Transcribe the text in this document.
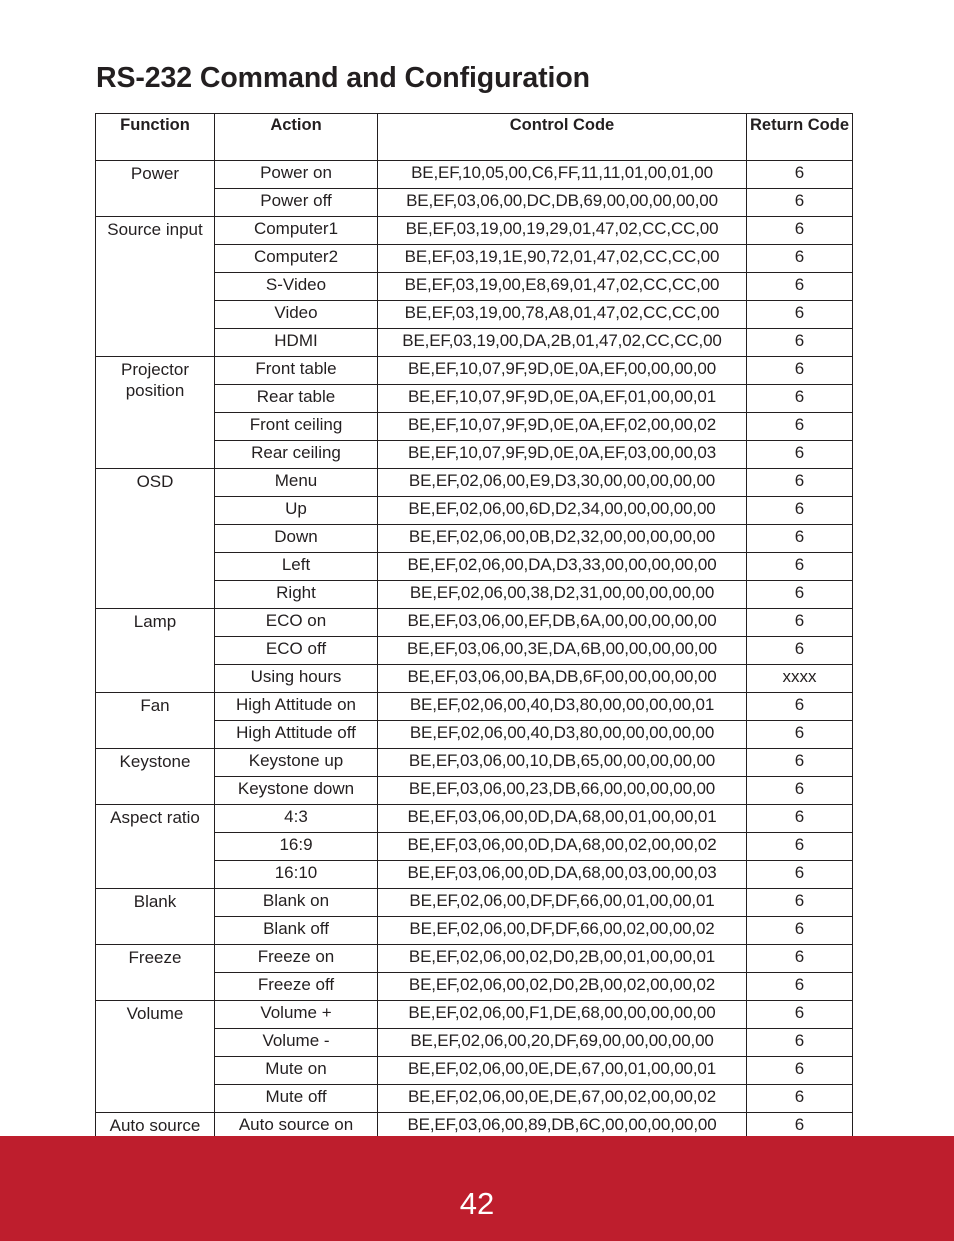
RS-232 Command and Configuration
Function	Action	Control Code	Return Code
Power	Power on	BE,EF,10,05,00,C6,FF,11,11,01,00,01,00	6
	Power off	BE,EF,03,06,00,DC,DB,69,00,00,00,00,00	6
Source input	Computer1	BE,EF,03,19,00,19,29,01,47,02,CC,CC,00	6
	Computer2	BE,EF,03,19,1E,90,72,01,47,02,CC,CC,00	6
	S-Video	BE,EF,03,19,00,E8,69,01,47,02,CC,CC,00	6
	Video	BE,EF,03,19,00,78,A8,01,47,02,CC,CC,00	6
	HDMI	BE,EF,03,19,00,DA,2B,01,47,02,CC,CC,00	6
Projector position	Front table	BE,EF,10,07,9F,9D,0E,0A,EF,00,00,00,00	6
	Rear table	BE,EF,10,07,9F,9D,0E,0A,EF,01,00,00,01	6
	Front ceiling	BE,EF,10,07,9F,9D,0E,0A,EF,02,00,00,02	6
	Rear ceiling	BE,EF,10,07,9F,9D,0E,0A,EF,03,00,00,03	6
OSD	Menu	BE,EF,02,06,00,E9,D3,30,00,00,00,00,00	6
	Up	BE,EF,02,06,00,6D,D2,34,00,00,00,00,00	6
	Down	BE,EF,02,06,00,0B,D2,32,00,00,00,00,00	6
	Left	BE,EF,02,06,00,DA,D3,33,00,00,00,00,00	6
	Right	BE,EF,02,06,00,38,D2,31,00,00,00,00,00	6
Lamp	ECO on	BE,EF,03,06,00,EF,DB,6A,00,00,00,00,00	6
	ECO off	BE,EF,03,06,00,3E,DA,6B,00,00,00,00,00	6
	Using hours	BE,EF,03,06,00,BA,DB,6F,00,00,00,00,00	xxxx
Fan	High Attitude on	BE,EF,02,06,00,40,D3,80,00,00,00,00,01	6
	High Attitude off	BE,EF,02,06,00,40,D3,80,00,00,00,00,00	6
Keystone	Keystone up	BE,EF,03,06,00,10,DB,65,00,00,00,00,00	6
	Keystone down	BE,EF,03,06,00,23,DB,66,00,00,00,00,00	6
Aspect ratio	4:3	BE,EF,03,06,00,0D,DA,68,00,01,00,00,01	6
	16:9	BE,EF,03,06,00,0D,DA,68,00,02,00,00,02	6
	16:10	BE,EF,03,06,00,0D,DA,68,00,03,00,00,03	6
Blank	Blank on	BE,EF,02,06,00,DF,DF,66,00,01,00,00,01	6
	Blank off	BE,EF,02,06,00,DF,DF,66,00,02,00,00,02	6
Freeze	Freeze on	BE,EF,02,06,00,02,D0,2B,00,01,00,00,01	6
	Freeze off	BE,EF,02,06,00,02,D0,2B,00,02,00,00,02	6
Volume	Volume +	BE,EF,02,06,00,F1,DE,68,00,00,00,00,00	6
	Volume -	BE,EF,02,06,00,20,DF,69,00,00,00,00,00	6
	Mute on	BE,EF,02,06,00,0E,DE,67,00,01,00,00,01	6
	Mute off	BE,EF,02,06,00,0E,DE,67,00,02,00,00,02	6
Auto source	Auto source on	BE,EF,03,06,00,89,DB,6C,00,00,00,00,00	6

42
